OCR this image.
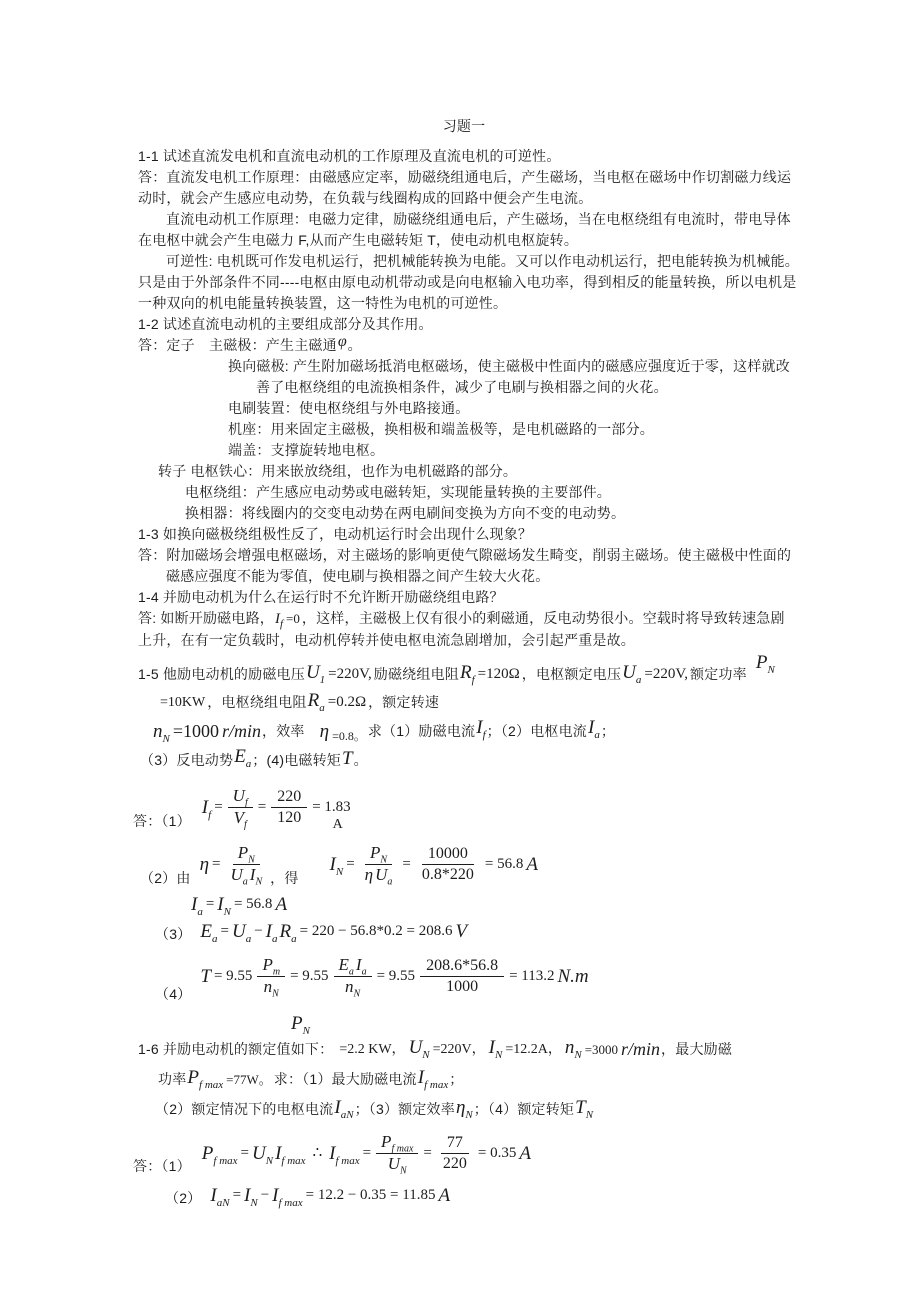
习题一
1-1 试述直流发电机和直流电动机的工作原理及直流电机的可逆性。
答：直流发电机工作原理：由磁感应定率，励磁绕组通电后，产生磁场，当电枢在磁场中作切割磁力线运
动时，就会产生感应电动势，在负载与线圈构成的回路中便会产生电流。
直流电动机工作原理：电磁力定律，励磁绕组通电后，产生磁场，当在电枢绕组有电流时，带电导体
在电枢中就会产生电磁力 F,从而产生电磁转矩 T，使电动机电枢旋转。
可逆性: 电机既可作发电机运行，把机械能转换为电能。又可以作电动机运行，把电能转换为机械能。
只是由于外部条件不同----电枢由原电动机带动或是向电枢输入电功率，得到相反的能量转换，所以电机是
一种双向的机电能量转换装置，这一特性为电机的可逆性。
1-2 试述直流电动机的主要组成部分及其作用。
答：定子　主磁极：产生主磁通φ。
换向磁极: 产生附加磁场抵消电枢磁场，使主磁极中性面内的磁感应强度近于零，这样就改
善了电枢绕组的电流换相条件，减少了电刷与换相器之间的火花。
电刷装置：使电枢绕组与外电路接通。
机座：用来固定主磁极，换相极和端盖极等，是电机磁路的一部分。
端盖：支撑旋转地电枢。
转子 电枢铁心：用来嵌放绕组，也作为电机磁路的部分。
电枢绕组：产生感应电动势或电磁转矩，实现能量转换的主要部件。
换相器：将线圈内的交变电动势在两电刷间变换为方向不变的电动势。
1-3 如换向磁极绕组极性反了，电动机运行时会出现什么现象？
答：附加磁场会增强电枢磁场，对主磁场的影响更使气隙磁场发生畸变，削弱主磁场。使主磁极中性面的
磁感应强度不能为零值，使电刷与换相器之间产生较大火花。
1-4 并励电动机为什么在运行时不允许断开励磁绕组电路？
答: 如断开励磁电路，$I_f =0$ ，这样，主磁极上仅有很小的剩磁通，反电动势很小。空载时将导致转速急剧
上升，在有一定负载时，电动机停转并使电枢电流急剧增加，会引起严重是故。
1-5 他励电动机的励磁电压 $U_1 =220V$, 励磁绕组电阻 $R_f =120\Omega$ ，电枢额定电压 $U_a =220V$, 额定功率
$P_N$
=10KW ，电枢绕组电阻 $R_a =0.2\Omega$ ，额定转速
$n_N =1000$ r/min ，效率 η =0.8。 求（1）励磁电流 $I_f$ ；（2）电枢电流 $I_a$ ；
（3）反电动势 $E_a$ ；(4)电磁转矩 T 。
答：（1）
$I_f = \frac{U_f}{V_f} = \frac{220}{120} = 1.83$
A
（2）由
$\eta = \frac{P_N}{U_a I_N}$ ，得
$I_N = \frac{P_N}{\eta U_a} = \frac{10000}{0.8*220} = 56.8$ A
$I_a = I_N = 56.8$ A
（3） $E_a = U_a - I_a$ $R_a = 220 - 56.8*0.2 = 208.6$ V
（4）
$T = 9.55 \frac{P_m}{n_N} = 9.55 \frac{E_a I_a}{n_N} = 9.55 \frac{208.6*56.8}{1000} = 113.2$ N.m
$P_N$
1-6 并励电动机的额定值如下： =2.2 KW， $U_N =220V$， $I_N =12.2A$， $n_N =3000$ r/min ，最大励磁
功率 $P_{f max} =77W$。 求：（1）最大励磁电流 $I_{f max}$ ；
（2）额定情况下的电枢电流 $I_{aN}$ ；（3）额定效率 $\eta_N$ ；（4）额定转矩 $T_N$
答：（1）
$P_{f max} = U_N$ $I_{f max}$ ∴ $I_{f max} = \frac{P_{f max}}{U_N} = \frac{77}{220} = 0.35$ A
（2） $I_{aN} = I_N - I_{f max} = 12.2 - 0.35 = 11.85$ A
